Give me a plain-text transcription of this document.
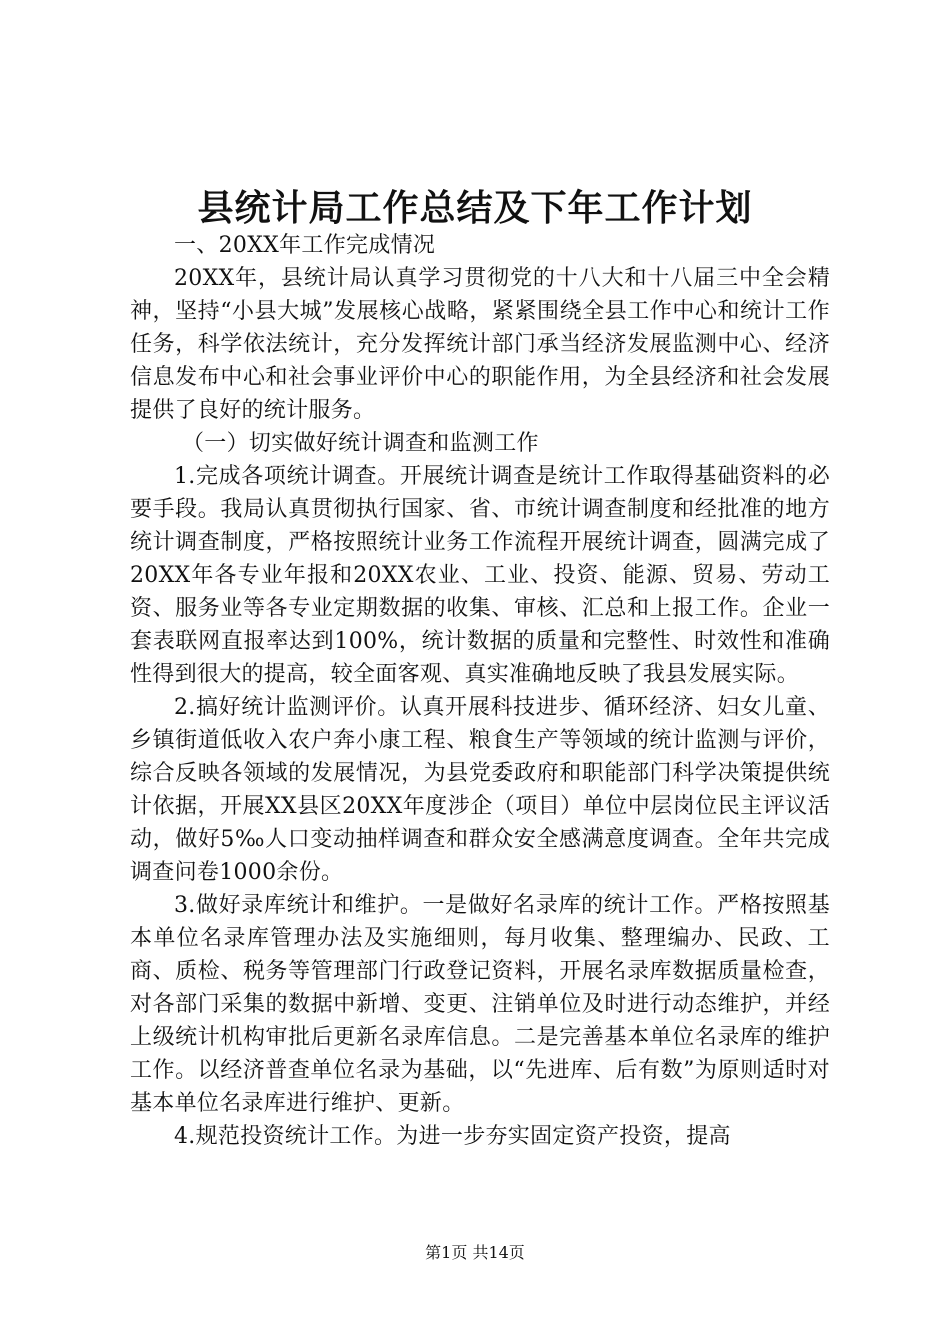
县统计局工作总结及下年工作计划

一、20XX年工作完成情况

20XX年，县统计局认真学习贯彻党的十八大和十八届三中全会精神，坚持“小县大城”发展核心战略，紧紧围绕全县工作中心和统计工作任务，科学依法统计，充分发挥统计部门承当经济发展监测中心、经济信息发布中心和社会事业评价中心的职能作用，为全县经济和社会发展提供了良好的统计服务。

（一）切实做好统计调查和监测工作

1.完成各项统计调查。开展统计调查是统计工作取得基础资料的必要手段。我局认真贯彻执行国家、省、市统计调查制度和经批准的地方统计调查制度，严格按照统计业务工作流程开展统计调查，圆满完成了20XX年各专业年报和20XX农业、工业、投资、能源、贸易、劳动工资、服务业等各专业定期数据的收集、审核、汇总和上报工作。企业一套表联网直报率达到100%，统计数据的质量和完整性、时效性和准确性得到很大的提高，较全面客观、真实准确地反映了我县发展实际。

2.搞好统计监测评价。认真开展科技进步、循环经济、妇女儿童、乡镇街道低收入农户奔小康工程、粮食生产等领域的统计监测与评价，综合反映各领域的发展情况，为县党委政府和职能部门科学决策提供统计依据，开展XX县区20XX年度涉企（项目）单位中层岗位民主评议活动，做好5‰人口变动抽样调查和群众安全感满意度调查。全年共完成调查问卷1000余份。

3.做好录库统计和维护。一是做好名录库的统计工作。严格按照基本单位名录库管理办法及实施细则，每月收集、整理编办、民政、工商、质检、税务等管理部门行政登记资料，开展名录库数据质量检查，对各部门采集的数据中新增、变更、注销单位及时进行动态维护，并经上级统计机构审批后更新名录库信息。二是完善基本单位名录库的维护工作。以经济普查单位名录为基础，以“先进库、后有数”为原则适时对基本单位名录库进行维护、更新。

4.规范投资统计工作。为进一步夯实固定资产投资，提高

第1页 共14页
